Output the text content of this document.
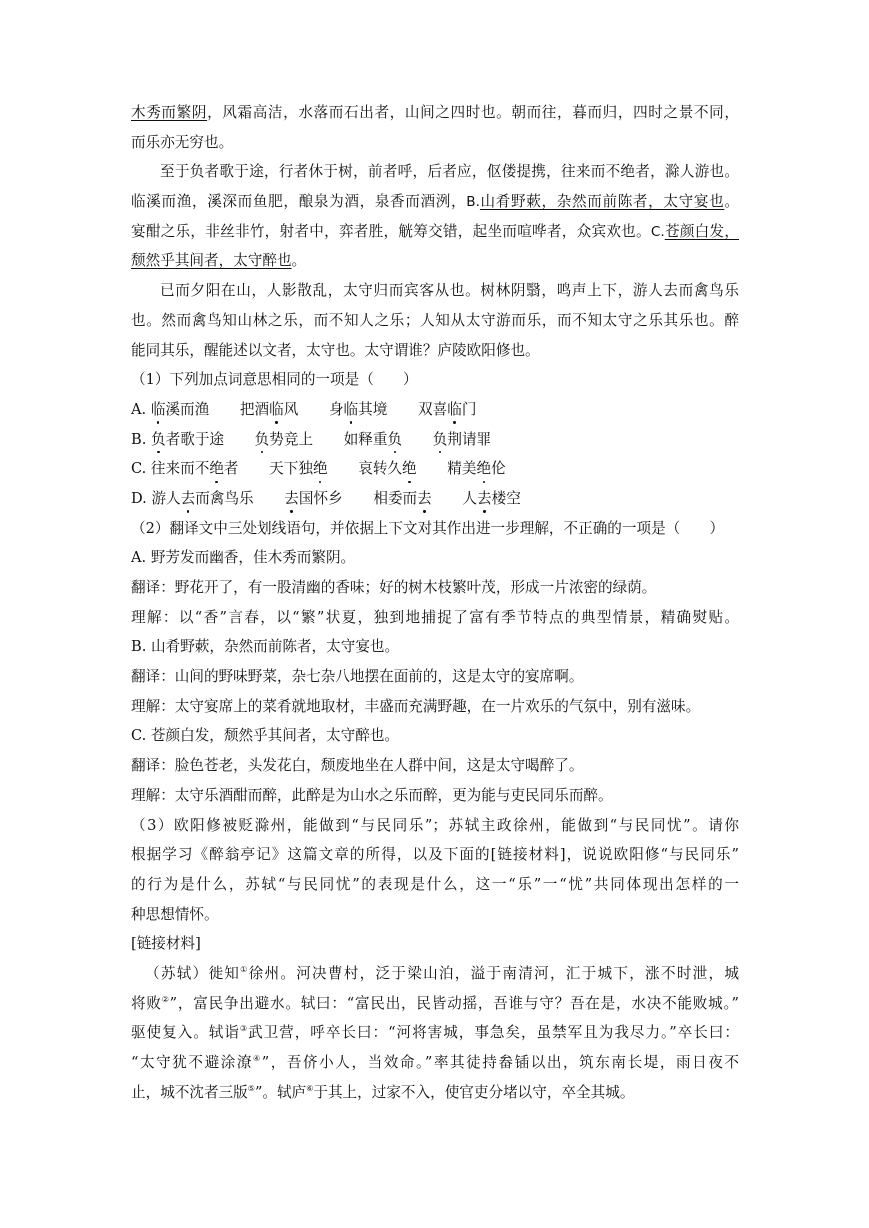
木秀而繁阴，风霜高洁，水落而石出者，山间之四时也。朝而往，暮而归，四时之景不同，
而乐亦无穷也。
至于负者歌于途，行者休于树，前者呼，后者应，伛偻提携，往来而不绝者，滁人游也。
临溪而渔，溪深而鱼肥，酿泉为酒，泉香而酒洌，B.山肴野蔌，杂然而前陈者，太守宴也。
宴酣之乐，非丝非竹，射者中，弈者胜，觥筹交错，起坐而喧哗者，众宾欢也。C.苍颜白发，
颓然乎其间者，太守醉也。
已而夕阳在山，人影散乱，太守归而宾客从也。树林阴翳，鸣声上下，游人去而禽鸟乐
也。然而禽鸟知山林之乐，而不知人之乐；人知从太守游而乐，而不知太守之乐其乐也。醉
能同其乐，醒能述以文者，太守也。太守谓谁？庐陵欧阳修也。
（1）下列加点词意思相同的一项是（　　）
A. 临溪而渔 把酒临风 身临其境 双喜临门
B. 负者歌于途 负势竞上 如释重负 负荆请罪
C. 往来而不绝者 天下独绝 哀转久绝 精美绝伦
D. 游人去而禽鸟乐 去国怀乡 相委而去 人去楼空
（2）翻译文中三处划线语句，并依据上下文对其作出进一步理解，不正确的一项是（　　）
A. 野芳发而幽香，佳木秀而繁阴。
翻译：野花开了，有一股清幽的香味；好的树木枝繁叶茂，形成一片浓密的绿荫。
理解：以“香”言春，以“繁”状夏，独到地捕捉了富有季节特点的典型情景，精确熨贴。
B. 山肴野蔌，杂然而前陈者，太守宴也。
翻译：山间的野味野菜，杂七杂八地摆在面前的，这是太守的宴席啊。
理解：太守宴席上的菜肴就地取材，丰盛而充满野趣，在一片欢乐的气氛中，别有滋味。
C. 苍颜白发，颓然乎其间者，太守醉也。
翻译：脸色苍老，头发花白，颓废地坐在人群中间，这是太守喝醉了。
理解：太守乐酒酣而醉，此醉是为山水之乐而醉，更为能与吏民同乐而醉。
（3）欧阳修被贬滁州，能做到“与民同乐”；苏轼主政徐州，能做到“与民同忧”。请你
根据学习《醉翁亭记》这篇文章的所得，以及下面的[链接材料]，说说欧阳修“与民同乐”
的行为是什么，苏轼“与民同忧”的表现是什么，这一“乐”一“忧”共同体现出怎样的一
种思想情怀。
[链接材料]
（苏轼）徙知①徐州。河决曹村，泛于梁山泊，溢于南清河，汇于城下，涨不时泄，城
将败②”，富民争出避水。轼曰：“富民出，民皆动摇，吾谁与守？吾在是，水决不能败城。”
驱使复入。轼诣③武卫营，呼卒长曰：“河将害城，事急矣，虽禁军且为我尽力。”卒长曰：
“太守犹不避涂潦④”，吾侪小人，当效命。”率其徒持畚锸以出，筑东南长堤，雨日夜不
止，城不沈者三版⑤”。轼庐⑥于其上，过家不入，使官吏分堵以守，卒全其城。
